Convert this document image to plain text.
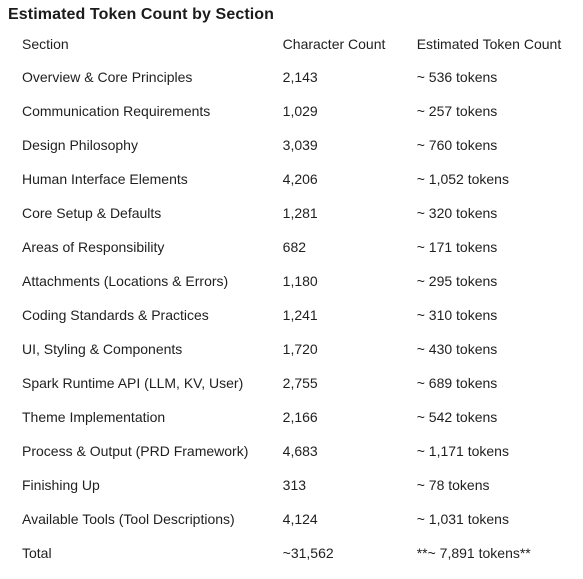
Estimated Token Count by Section
Section	Character Count	Estimated Token Count
Overview & Core Principles	2,143	~ 536 tokens
Communication Requirements	1,029	~ 257 tokens
Design Philosophy	3,039	~ 760 tokens
Human Interface Elements	4,206	~ 1,052 tokens
Core Setup & Defaults	1,281	~ 320 tokens
Areas of Responsibility	682	~ 171 tokens
Attachments (Locations & Errors)	1,180	~ 295 tokens
Coding Standards & Practices	1,241	~ 310 tokens
UI, Styling & Components	1,720	~ 430 tokens
Spark Runtime API (LLM, KV, User)	2,755	~ 689 tokens
Theme Implementation	2,166	~ 542 tokens
Process & Output (PRD Framework)	4,683	~ 1,171 tokens
Finishing Up	313	~ 78 tokens
Available Tools (Tool Descriptions)	4,124	~ 1,031 tokens
Total	~31,562	**~ 7,891 tokens**
